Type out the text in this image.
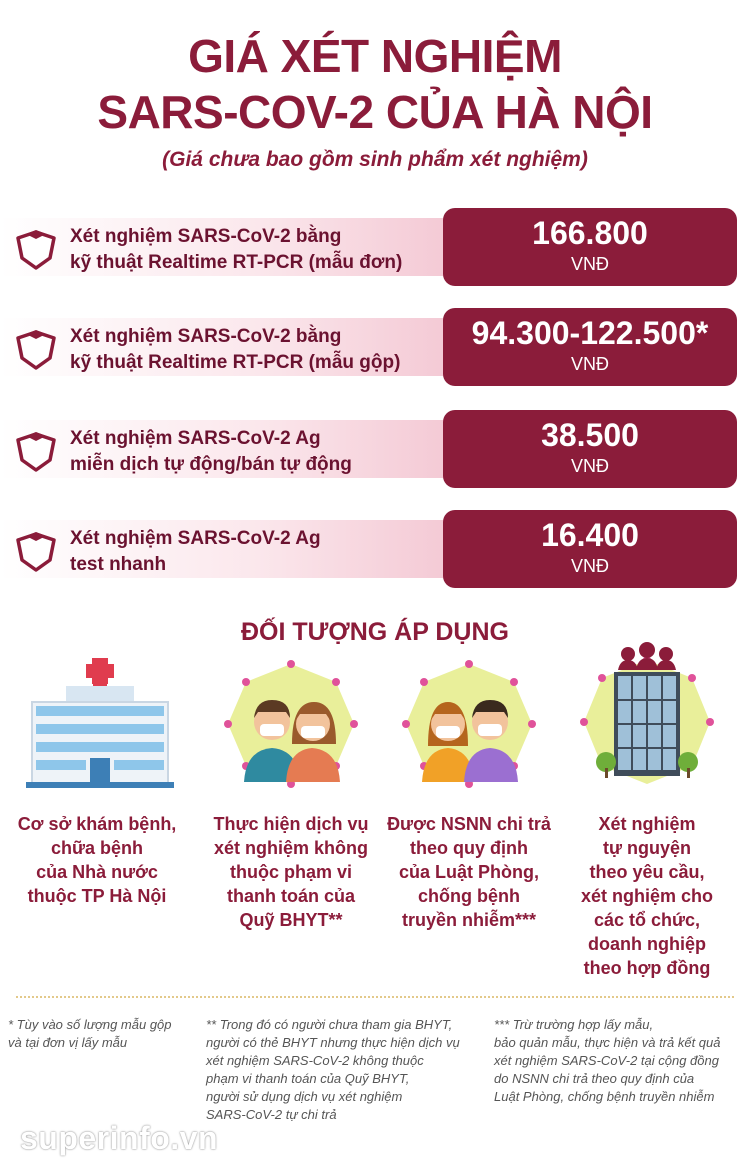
GIÁ XÉT NGHIỆM
SARS-COV-2 CỦA HÀ NỘI
(Giá chưa bao gồm sinh phẩm xét nghiệm)
Xét nghiệm SARS-CoV-2 bằng
kỹ thuật Realtime RT-PCR (mẫu đơn)
166.800
VNĐ
Xét nghiệm SARS-CoV-2 bằng
kỹ thuật Realtime RT-PCR (mẫu gộp)
94.300-122.500*
VNĐ
Xét nghiệm SARS-CoV-2 Ag
miễn dịch tự động/bán tự động
38.500
VNĐ
Xét nghiệm SARS-CoV-2 Ag
test nhanh
16.400
VNĐ
ĐỐI TƯỢNG ÁP DỤNG
Cơ sở khám bệnh,
chữa bệnh
của Nhà nước
thuộc TP Hà Nội
Thực hiện dịch vụ
xét nghiệm không
thuộc phạm vi
thanh toán của
Quỹ BHYT**
Được NSNN chi trả
theo quy định
của Luật Phòng,
chống bệnh
truyền nhiễm***
Xét nghiệm
tự nguyện
theo yêu cầu,
xét nghiệm cho
các tổ chức,
doanh nghiệp
theo hợp đồng
* Tùy vào số lượng mẫu gộp
và tại đơn vị lấy mẫu
** Trong đó có người chưa tham gia BHYT,
người có thẻ BHYT nhưng thực hiện dịch vụ
xét nghiệm SARS-CoV-2 không thuộc
phạm vi thanh toán của Quỹ BHYT,
người sử dụng dịch vụ xét nghiệm
SARS-CoV-2 tự chi trả
*** Trừ trường hợp lấy mẫu,
bảo quản mẫu, thực hiện và trả kết quả
xét nghiệm SARS-CoV-2 tại cộng đồng
do NSNN chi trả theo quy định của
Luật Phòng, chống bệnh truyền nhiễm
superinfo.vn
